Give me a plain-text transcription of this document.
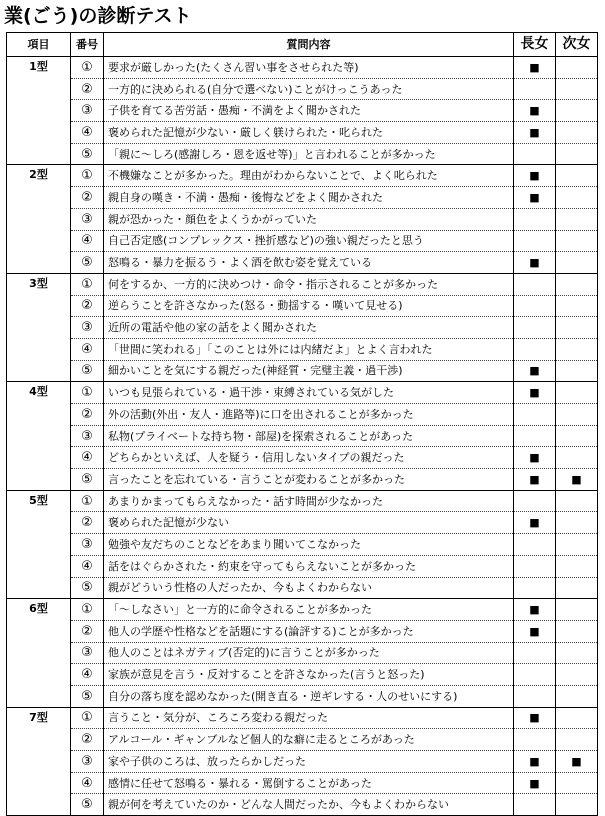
業(ごう)の診断テスト
項目	番号	質問内容	長女	次女
1型	①	要求が厳しかった(たくさん習い事をさせられた等)	■	
	②	一方的に決められる(自分で選べない)ことがけっこうあった		
	③	子供を育てる苦労話・愚痴・不満をよく聞かされた	■	
	④	褒められた記憶が少ない・厳しく躾けられた・叱られた	■	
	⑤	「親に～しろ(感謝しろ・恩を返せ等)」と言われることが多かった		
2型	①	不機嫌なことが多かった。理由がわからないことで、よく叱られた	■	
	②	親自身の嘆き・不満・愚痴・後悔などをよく聞かされた	■	
	③	親が恐かった・顔色をよくうかがっていた		
	④	自己否定感(コンプレックス・挫折感など)の強い親だったと思う		
	⑤	怒鳴る・暴力を振るう・よく酒を飲む姿を覚えている	■	
3型	①	何をするか、一方的に決めつけ・命令・指示されることが多かった		
	②	逆らうことを許さなかった(怒る・動揺する・嘆いて見せる)		
	③	近所の電話や他の家の話をよく聞かされた		
	④	「世間に笑われる」「このことは外には内緒だよ」とよく言われた		
	⑤	細かいことを気にする親だった(神経質・完璧主義・過干渉)	■	
4型	①	いつも見張られている・過干渉・束縛されている気がした	■	
	②	外の活動(外出・友人・進路等)に口を出されることが多かった		
	③	私物(プライベートな持ち物・部屋)を探索されることがあった		
	④	どちらかといえば、人を疑う・信用しないタイプの親だった	■	
	⑤	言ったことを忘れている・言うことが変わることが多かった	■	■
5型	①	あまりかまってもらえなかった・話す時間が少なかった		
	②	褒められた記憶が少ない	■	
	③	勉強や友だちのことなどをあまり聞いてこなかった		
	④	話をはぐらかされた・約束を守ってもらえないことが多かった		
	⑤	親がどういう性格の人だったか、今もよくわからない		
6型	①	「～しなさい」と一方的に命令されることが多かった	■	
	②	他人の学歴や性格などを話題にする(論評する)ことが多かった	■	
	③	他人のことはネガティブ(否定的)に言うことが多かった		
	④	家族が意見を言う・反対することを許さなかった(言うと怒った)		
	⑤	自分の落ち度を認めなかった(開き直る・逆ギレする・人のせいにする)		
7型	①	言うこと・気分が、ころころ変わる親だった	■	
	②	アルコール・ギャンブルなど個人的な癖に走るところがあった		
	③	家や子供のころは、放ったらかしだった	■	■
	④	感情に任せて怒鳴る・暴れる・罵倒することがあった	■	
	⑤	親が何を考えていたのか・どんな人間だったか、今もよくわからない		
